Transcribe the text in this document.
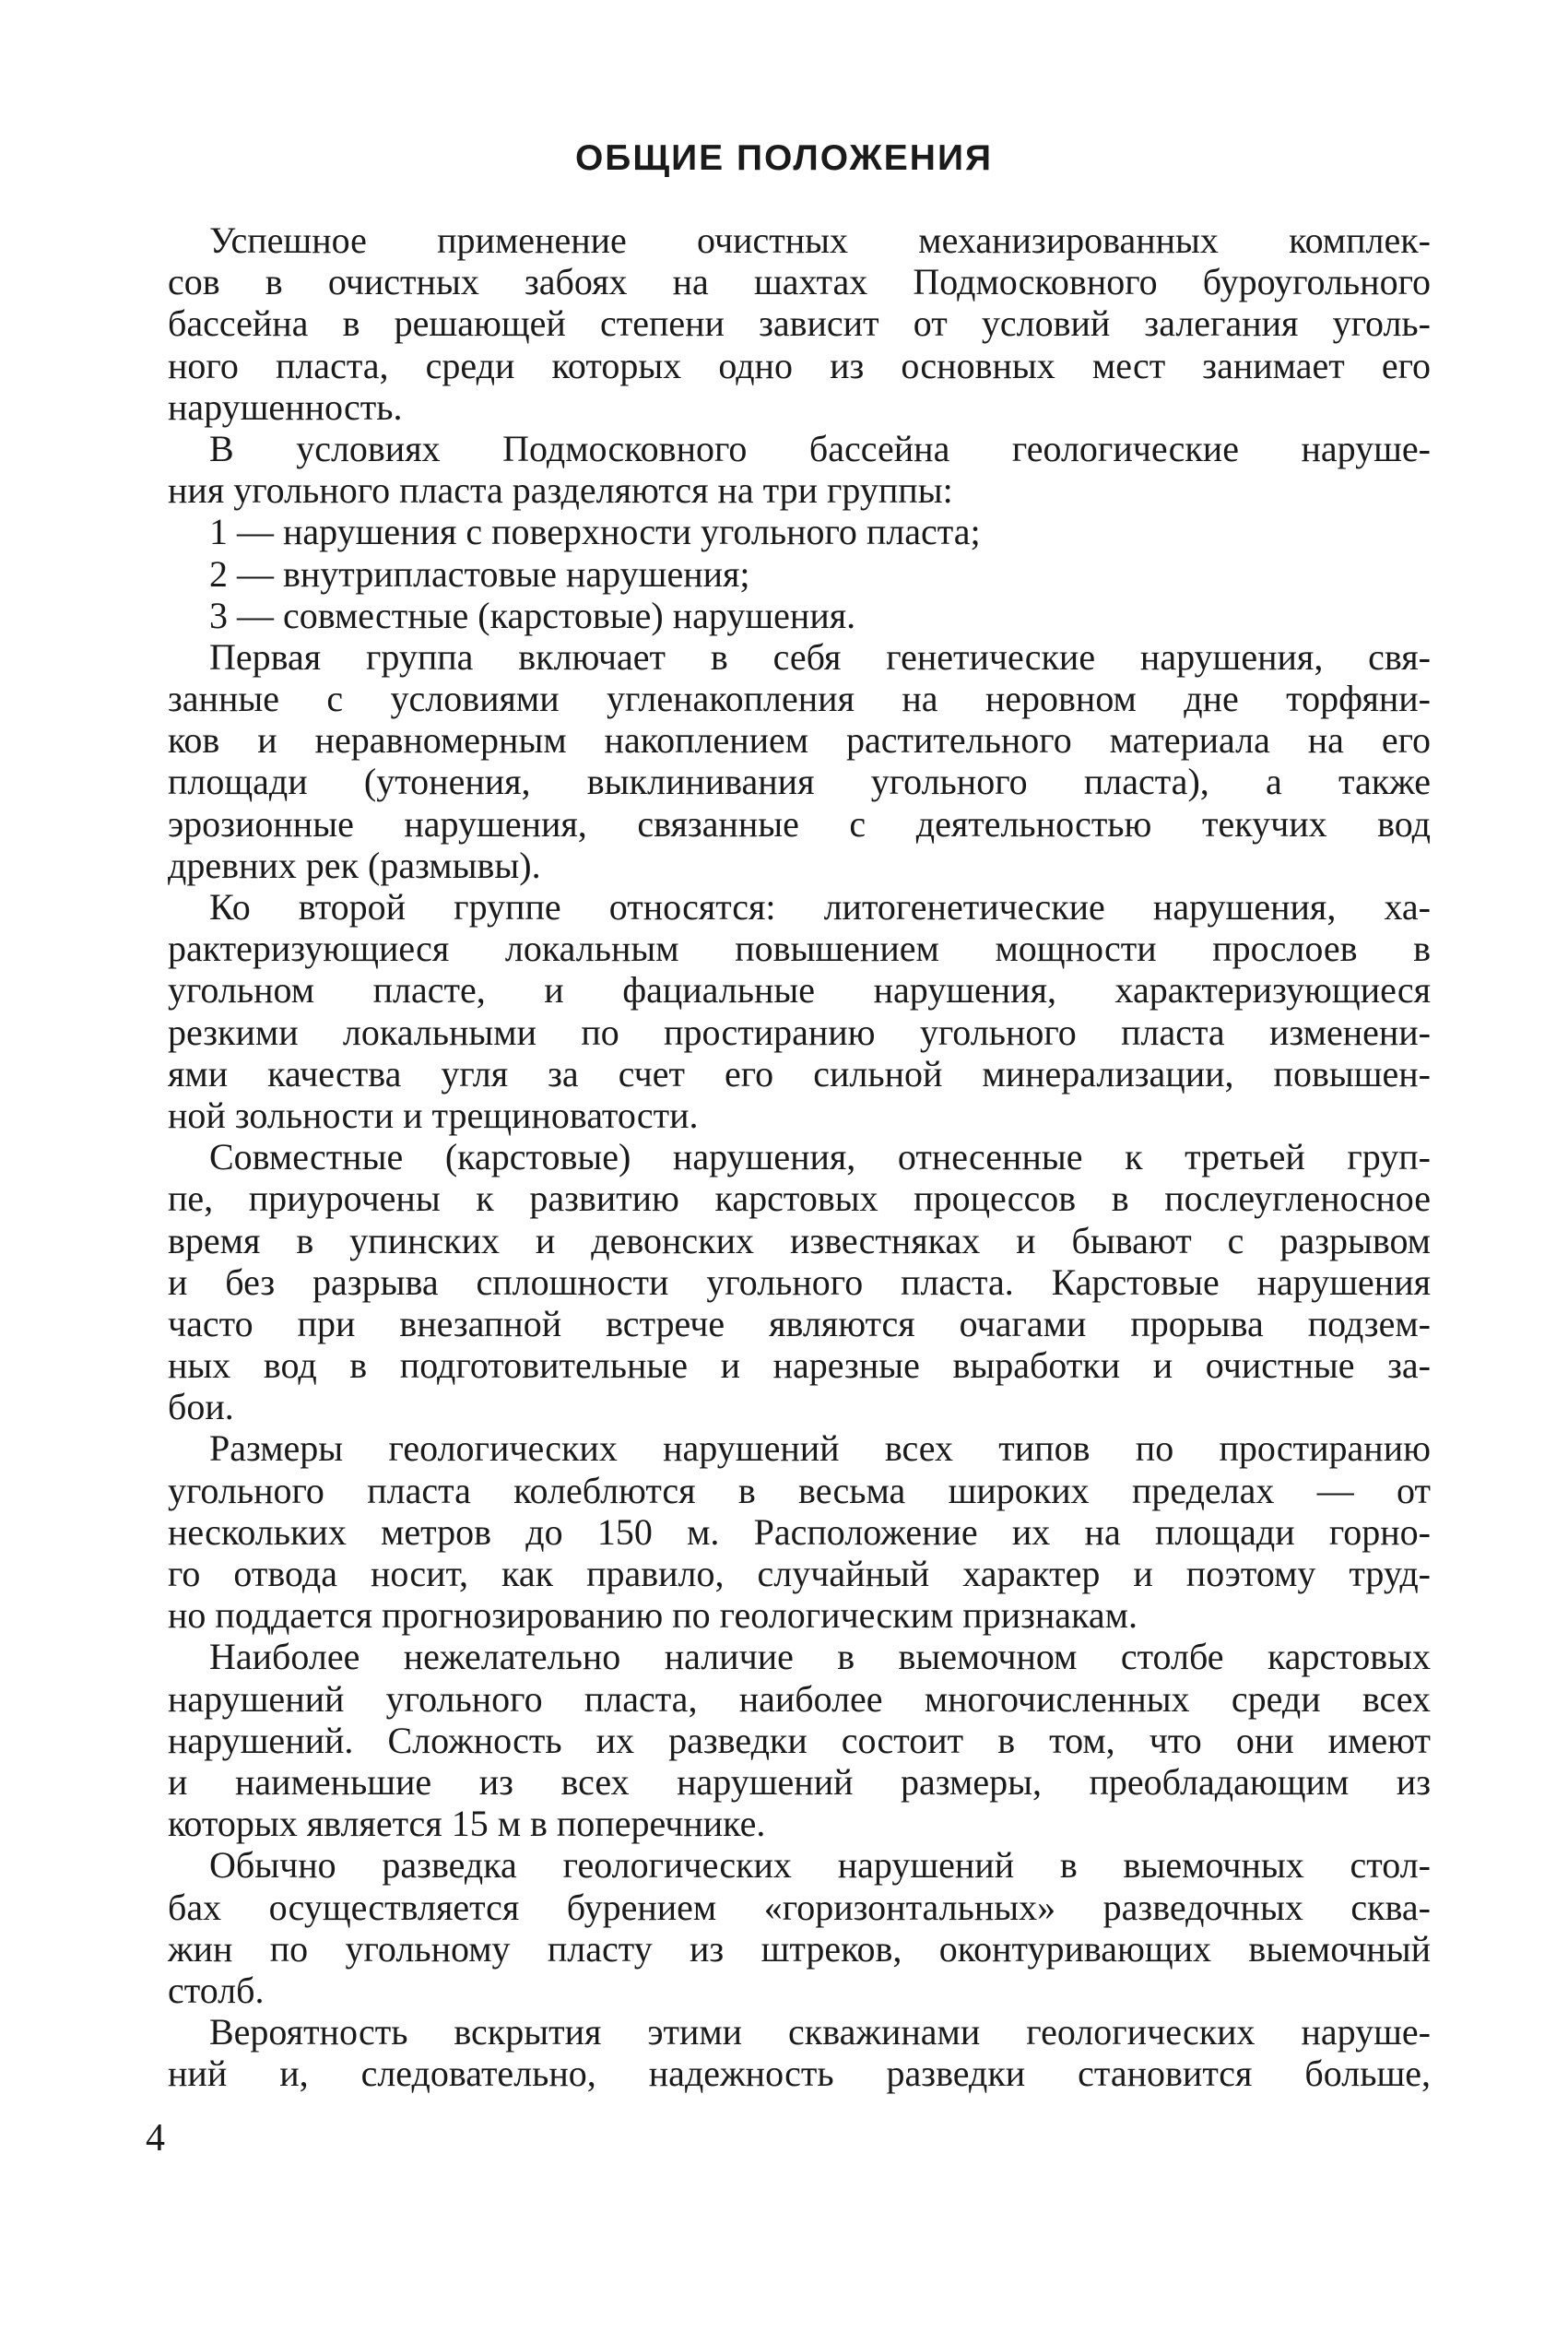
ОБЩИЕ ПОЛОЖЕНИЯ
Успешное применение очистных механизированных комплек-
сов в очистных забоях на шахтах Подмосковного буроугольного
бассейна в решающей степени зависит от условий залегания уголь-
ного пласта, среди которых одно из основных мест занимает его
нарушенность.
В условиях Подмосковного бассейна геологические наруше-
ния угольного пласта разделяются на три группы:
1 — нарушения с поверхности угольного пласта;
2 — внутрипластовые нарушения;
3 — совместные (карстовые) нарушения.
Первая группа включает в себя генетические нарушения, свя-
занные с условиями угленакопления на неровном дне торфяни-
ков и неравномерным накоплением растительного материала на его
площади (утонения, выклинивания угольного пласта), а также
эрозионные нарушения, связанные с деятельностью текучих вод
древних рек (размывы).
Ко второй группе относятся: литогенетические нарушения, ха-
рактеризующиеся локальным повышением мощности прослоев в
угольном пласте, и фациальные нарушения, характеризующиеся
резкими локальными по простиранию угольного пласта изменени-
ями качества угля за счет его сильной минерализации, повышен-
ной зольности и трещиноватости.
Совместные (карстовые) нарушения, отнесенные к третьей груп-
пе, приурочены к развитию карстовых процессов в послеугленосное
время в упинских и девонских известняках и бывают с разрывом
и без разрыва сплошности угольного пласта. Карстовые нарушения
часто при внезапной встрече являются очагами прорыва подзем-
ных вод в подготовительные и нарезные выработки и очистные за-
бои.
Размеры геологических нарушений всех типов по простиранию
угольного пласта колеблются в весьма широких пределах — от
нескольких метров до 150 м. Расположение их на площади горно-
го отвода носит, как правило, случайный характер и поэтому труд-
но поддается прогнозированию по геологическим признакам.
Наиболее нежелательно наличие в выемочном столбе карстовых
нарушений угольного пласта, наиболее многочисленных среди всех
нарушений. Сложность их разведки состоит в том, что они имеют
и наименьшие из всех нарушений размеры, преобладающим из
которых является 15 м в поперечнике.
Обычно разведка геологических нарушений в выемочных стол-
бах осуществляется бурением «горизонтальных» разведочных сква-
жин по угольному пласту из штреков, оконтуривающих выемочный
столб.
Вероятность вскрытия этими скважинами геологических наруше-
ний и, следовательно, надежность разведки становится больше,

4
